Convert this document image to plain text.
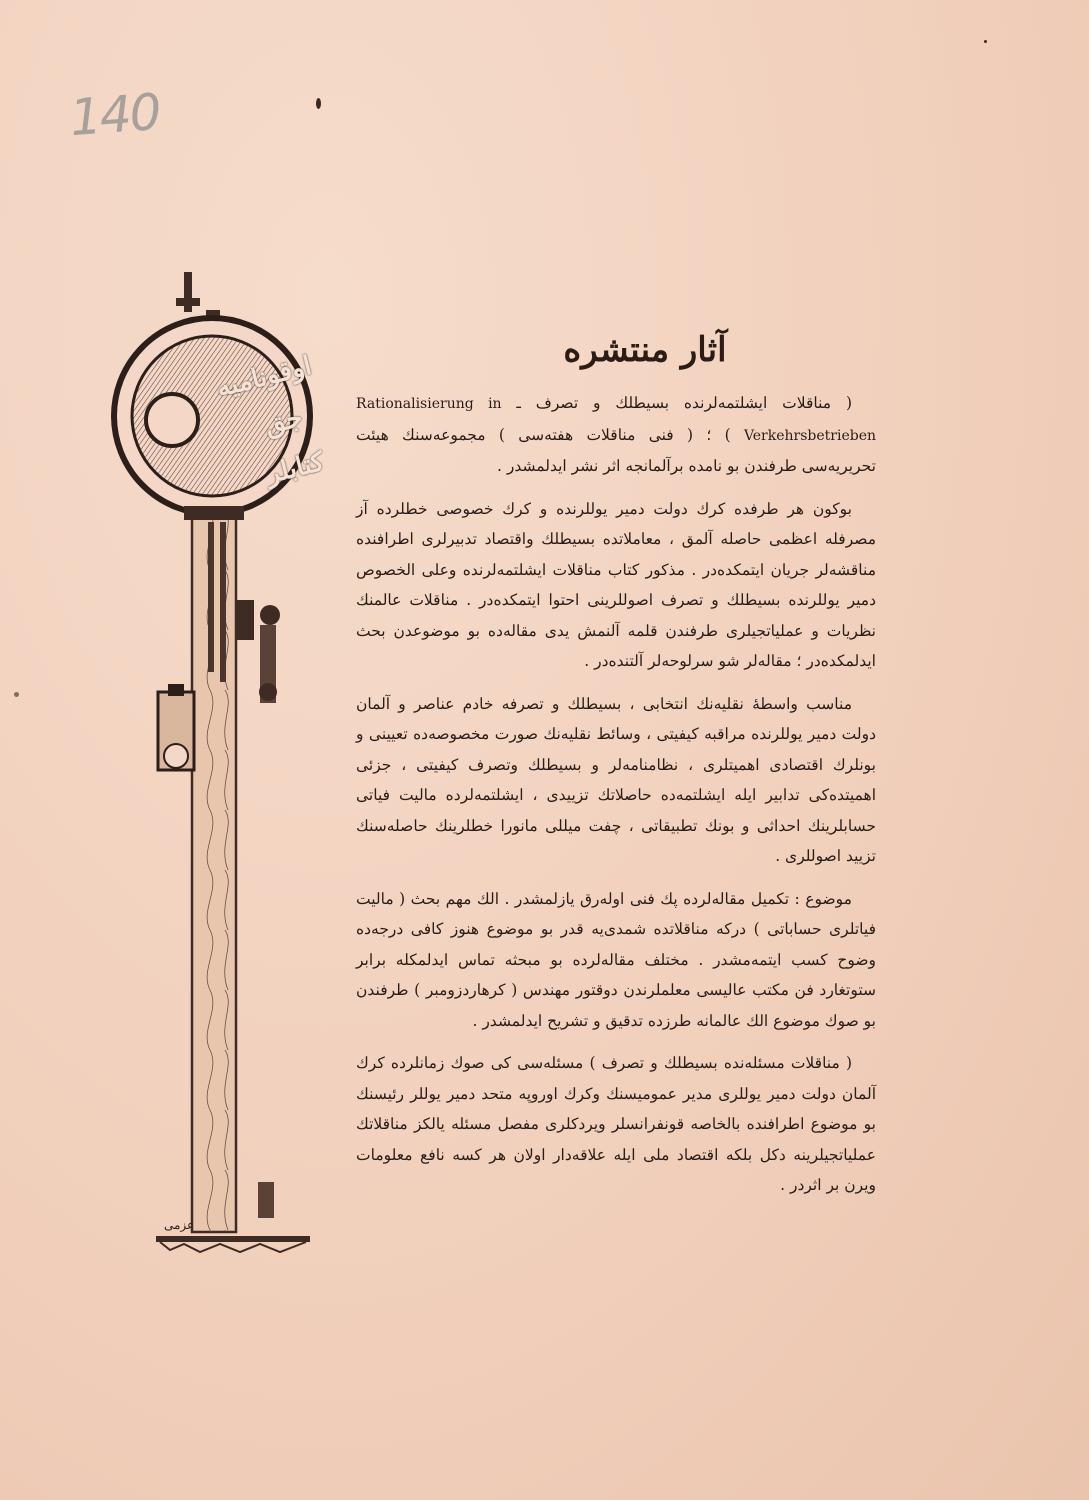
140
اوقونامیه جق كتابلر
عزمی
آثار منتشره

( مناقلات ایشلتمه‌لرنده بسیطلك و تصرف ـ Rationalisierung in Verkehrsbetrieben ) ؛ ( فنی مناقلات هفته‌سی ) مجموعه‌سنك هیئت تحریریه‌سی طرفندن بو نامده برآلمانجه اثر نشر ایدلمشدر .

بوكون هر طرفده كرك دولت دمیر یوللرنده و كرك خصوصی خطلرده آز مصرفله اعظمی حاصله آلمق ، معاملاتده بسیطلك واقتصاد تدبیرلری اطرافنده مناقشه‌لر جریان ایتمكده‌در . مذكور كتاب مناقلات ایشلتمه‌لرنده وعلی الخصوص دمیر یوللرنده بسیطلك و تصرف اصوللرینی احتوا ایتمكده‌در . مناقلات عالمنك نظریات و عملیاتجیلری طرفندن قلمه آلنمش یدی مقاله‌ده بو موضوعدن بحث ایدلمكده‌در ؛ مقاله‌لر شو سرلوحه‌لر آلتنده‌در .

مناسب واسطهٔ نقلیه‌نك انتخابی ، بسیطلك و تصرفه خادم عناصر و آلمان دولت دمیر یوللرنده مراقبه كیفیتی ، وسائط نقلیه‌نك صورت مخصوصه‌ده تعیینی و بونلرك اقتصادی اهمیتلری ، نظامنامه‌لر و بسیطلك وتصرف كیفیتی ، جزئی اهمیتده‌كی تدابیر ایله ایشلتمه‌ده حاصلاتك تزییدی ، ایشلتمه‌لرده مالیت فیاتی حسابلرینك احداثی و بونك تطبیقاتی ، چفت میللی مانورا خطلرینك حاصله‌سنك تزیید اصوللری .

موضوع : تكمیل مقاله‌لرده پك فنی اوله‌رق یازلمشدر . الك مهم بحث ( مالیت فیاتلری حساباتی ) دركه مناقلاتده شمدی‌یه قدر بو موضوع هنوز كافی درجه‌ده وضوح كسب ایتمه‌مشدر . مختلف مقاله‌لرده بو مبحثه تماس ایدلمكله برابر ستوتغارد فن مكتب عالیسی معلملرندن دوقتور مهندس ( كرهاردزومبر ) طرفندن بو صوك موضوع الك عالمانه طرزده تدقیق و تشریح ایدلمشدر .

( مناقلات مسئله‌نده بسیطلك و تصرف ) مسئله‌سی كی صوك زمانلرده كرك آلمان دولت دمیر یوللری مدیر عمومیسنك وكرك اوروپه متحد دمیر یوللر رئیسنك بو موضوع اطرافنده بالخاصه قونفرانسلر ویردكلری مفصل مسئله یالكز مناقلاتك عملیاتجیلرینه دكل بلكه اقتصاد ملی ایله علاقه‌دار اولان هر كسه نافع معلومات ویرن بر اثردر .
